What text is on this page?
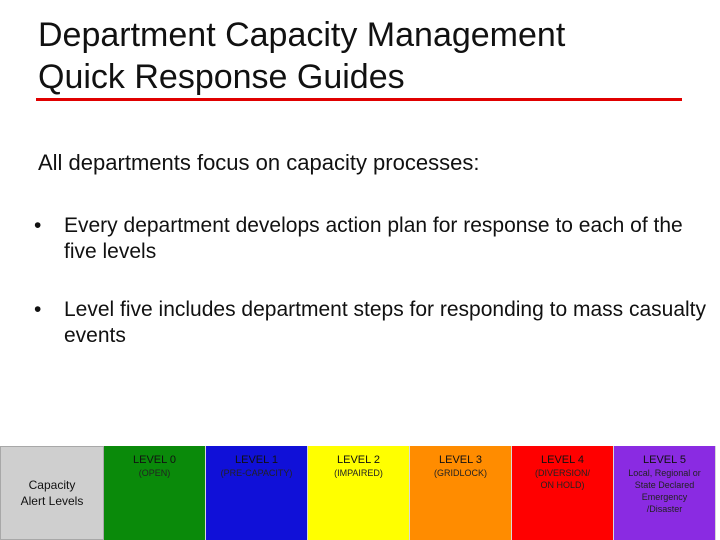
Department Capacity Management
Quick Response Guides
All departments focus on capacity processes:
•	Every department develops action plan for response to each of the five levels
•	Level five includes department steps for responding to mass casualty events
Capacity
Alert Levels
LEVEL 0
(OPEN)
LEVEL 1
(PRE-CAPACITY)
LEVEL 2
(IMPAIRED)
LEVEL 3
(GRIDLOCK)
LEVEL 4
(DIVERSION/
ON HOLD)
LEVEL 5
Local, Regional or
State Declared
Emergency
/Disaster
